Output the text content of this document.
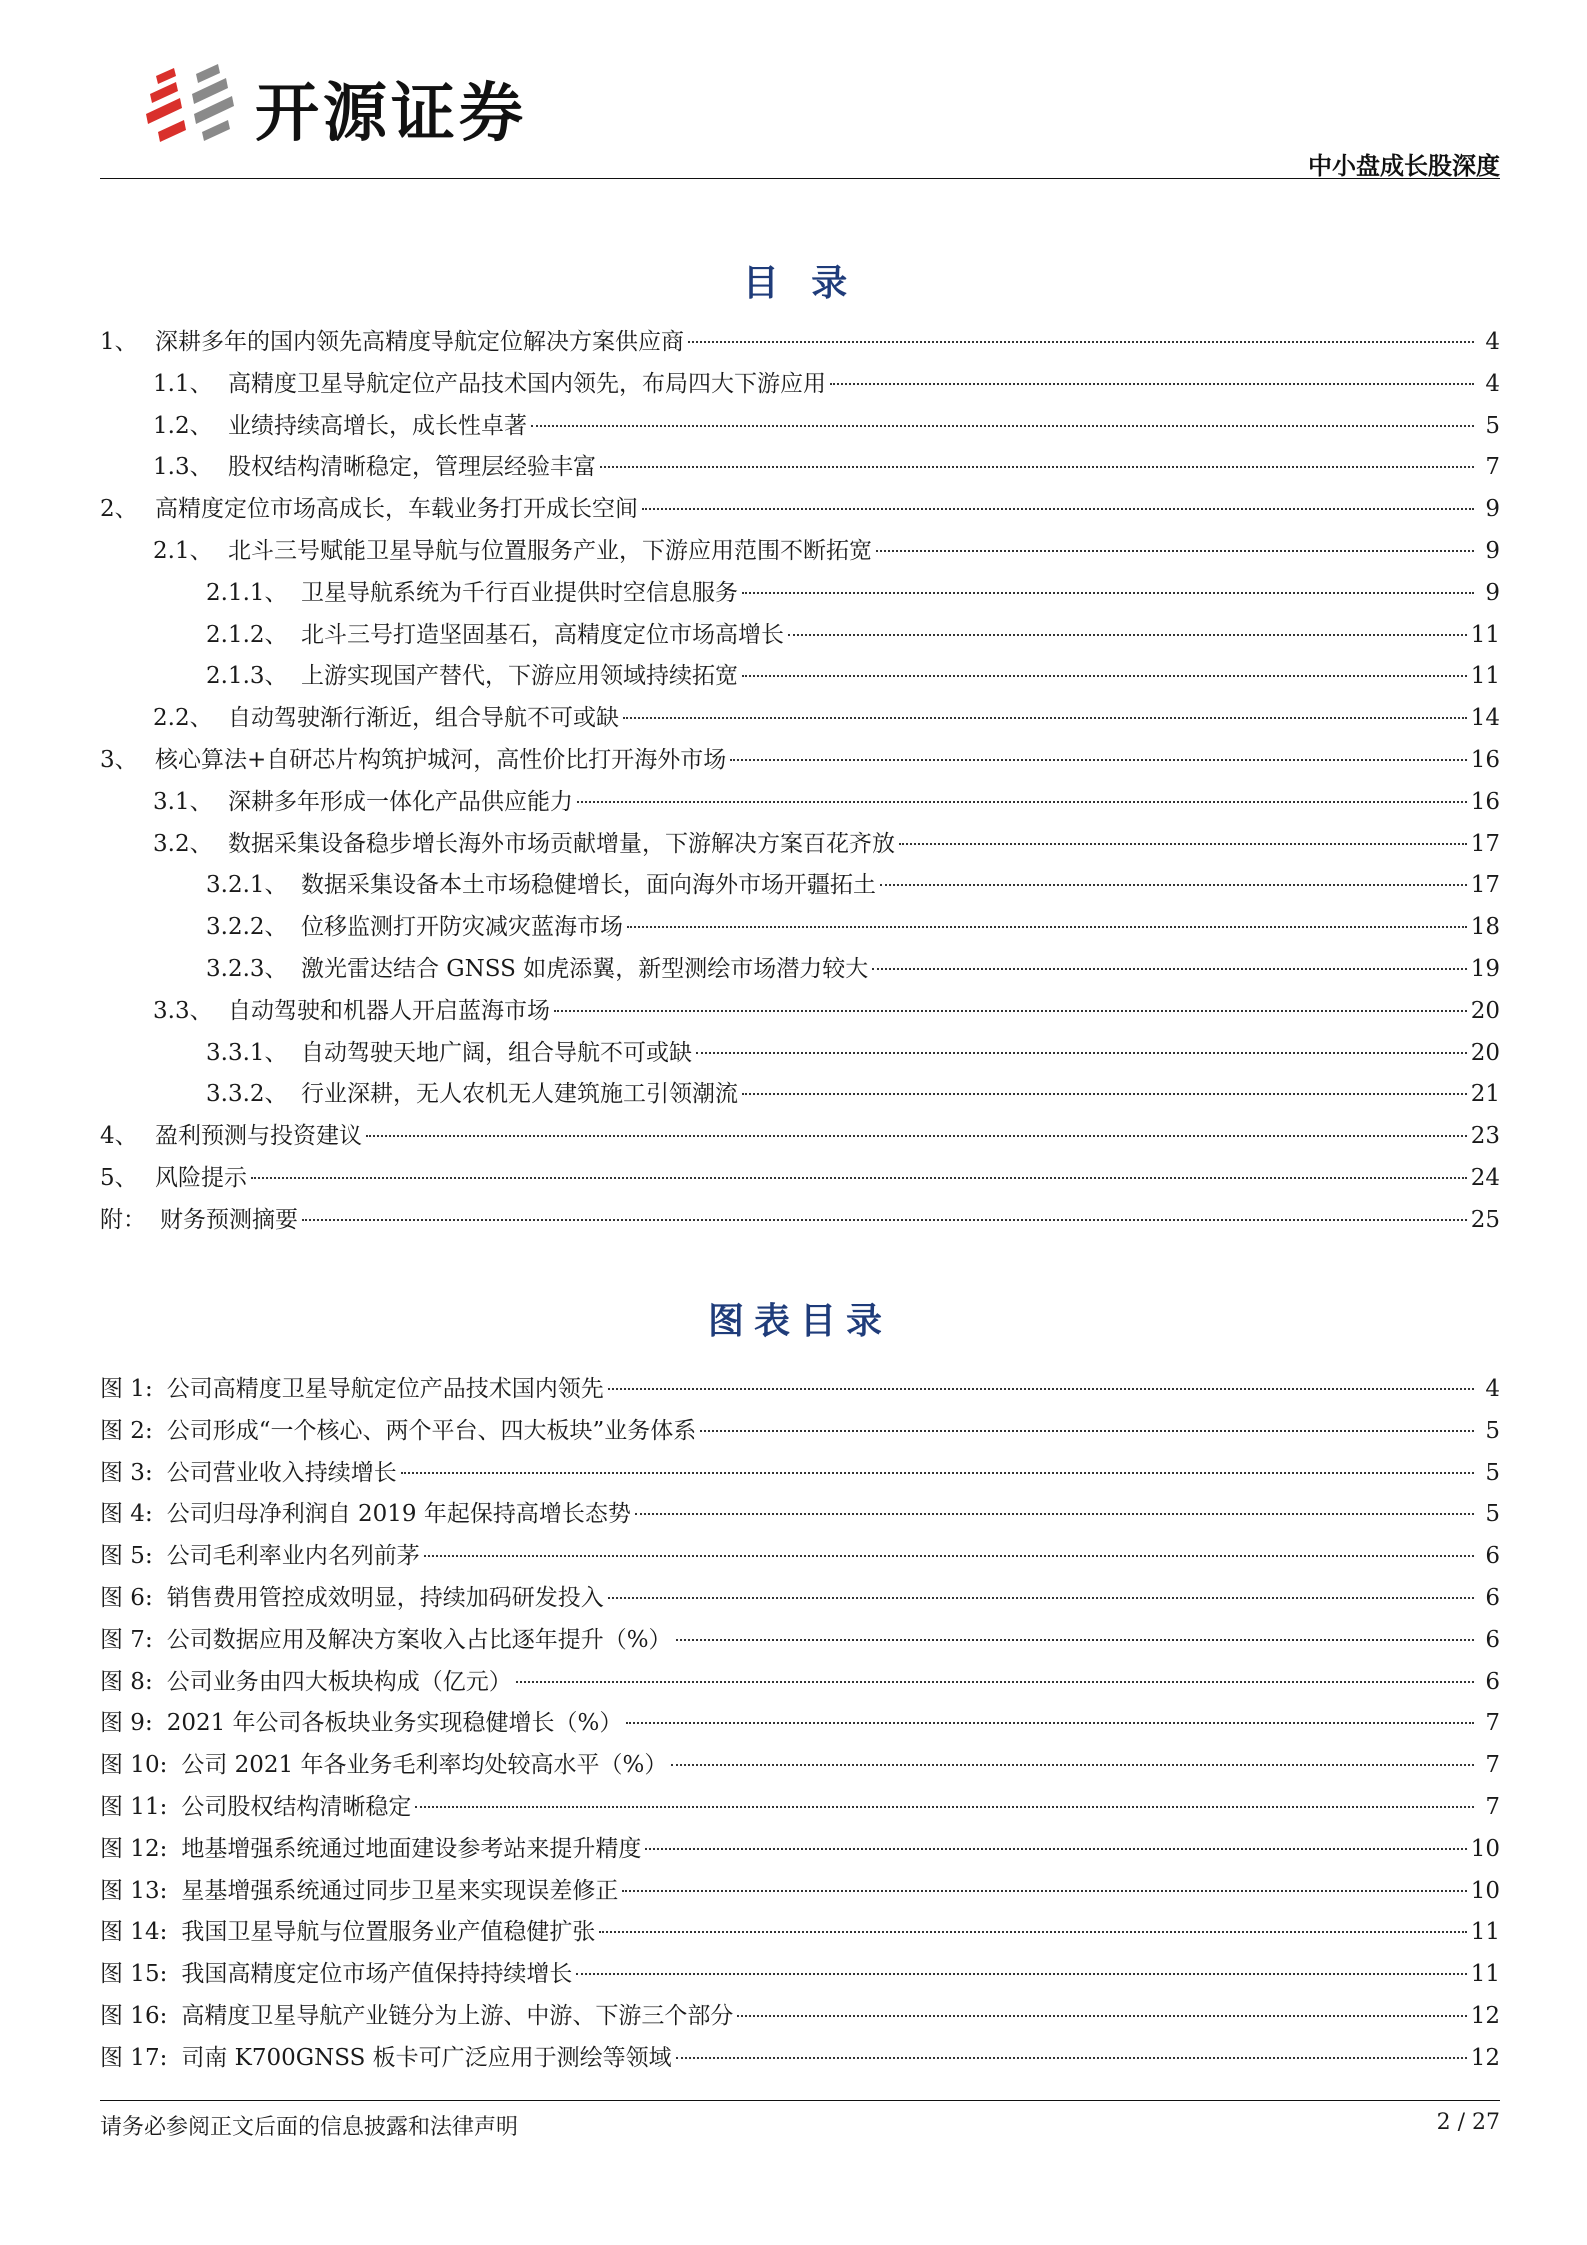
开源证券
中小盘成长股深度
目 录
1、 深耕多年的国内领先高精度导航定位解决方案供应商	4
1.1、 高精度卫星导航定位产品技术国内领先，布局四大下游应用	4
1.2、 业绩持续高增长，成长性卓著	5
1.3、 股权结构清晰稳定，管理层经验丰富	7
2、 高精度定位市场高成长，车载业务打开成长空间	9
2.1、 北斗三号赋能卫星导航与位置服务产业，下游应用范围不断拓宽	9
2.1.1、 卫星导航系统为千行百业提供时空信息服务	9
2.1.2、 北斗三号打造坚固基石，高精度定位市场高增长	11
2.1.3、 上游实现国产替代，下游应用领域持续拓宽	11
2.2、 自动驾驶渐行渐近，组合导航不可或缺	14
3、 核心算法+自研芯片构筑护城河，高性价比打开海外市场	16
3.1、 深耕多年形成一体化产品供应能力	16
3.2、 数据采集设备稳步增长海外市场贡献增量，下游解决方案百花齐放	17
3.2.1、 数据采集设备本土市场稳健增长，面向海外市场开疆拓土	17
3.2.2、 位移监测打开防灾减灾蓝海市场	18
3.2.3、 激光雷达结合 GNSS 如虎添翼，新型测绘市场潜力较大	19
3.3、 自动驾驶和机器人开启蓝海市场	20
3.3.1、 自动驾驶天地广阔，组合导航不可或缺	20
3.3.2、 行业深耕，无人农机无人建筑施工引领潮流	21
4、 盈利预测与投资建议	23
5、 风险提示	24
附： 财务预测摘要	25
图表目录
图 1: 公司高精度卫星导航定位产品技术国内领先	4
图 2: 公司形成“一个核心、两个平台、四大板块”业务体系	5
图 3: 公司营业收入持续增长	5
图 4: 公司归母净利润自 2019 年起保持高增长态势	5
图 5: 公司毛利率业内名列前茅	6
图 6: 销售费用管控成效明显，持续加码研发投入	6
图 7: 公司数据应用及解决方案收入占比逐年提升（%）	6
图 8: 公司业务由四大板块构成（亿元）	6
图 9: 2021 年公司各板块业务实现稳健增长（%）	7
图 10: 公司 2021 年各业务毛利率均处较高水平（%）	7
图 11: 公司股权结构清晰稳定	7
图 12: 地基增强系统通过地面建设参考站来提升精度	10
图 13: 星基增强系统通过同步卫星来实现误差修正	10
图 14: 我国卫星导航与位置服务业产值稳健扩张	11
图 15: 我国高精度定位市场产值保持持续增长	11
图 16: 高精度卫星导航产业链分为上游、中游、下游三个部分	12
图 17: 司南 K700GNSS 板卡可广泛应用于测绘等领域	12
请务必参阅正文后面的信息披露和法律声明	2 / 27
